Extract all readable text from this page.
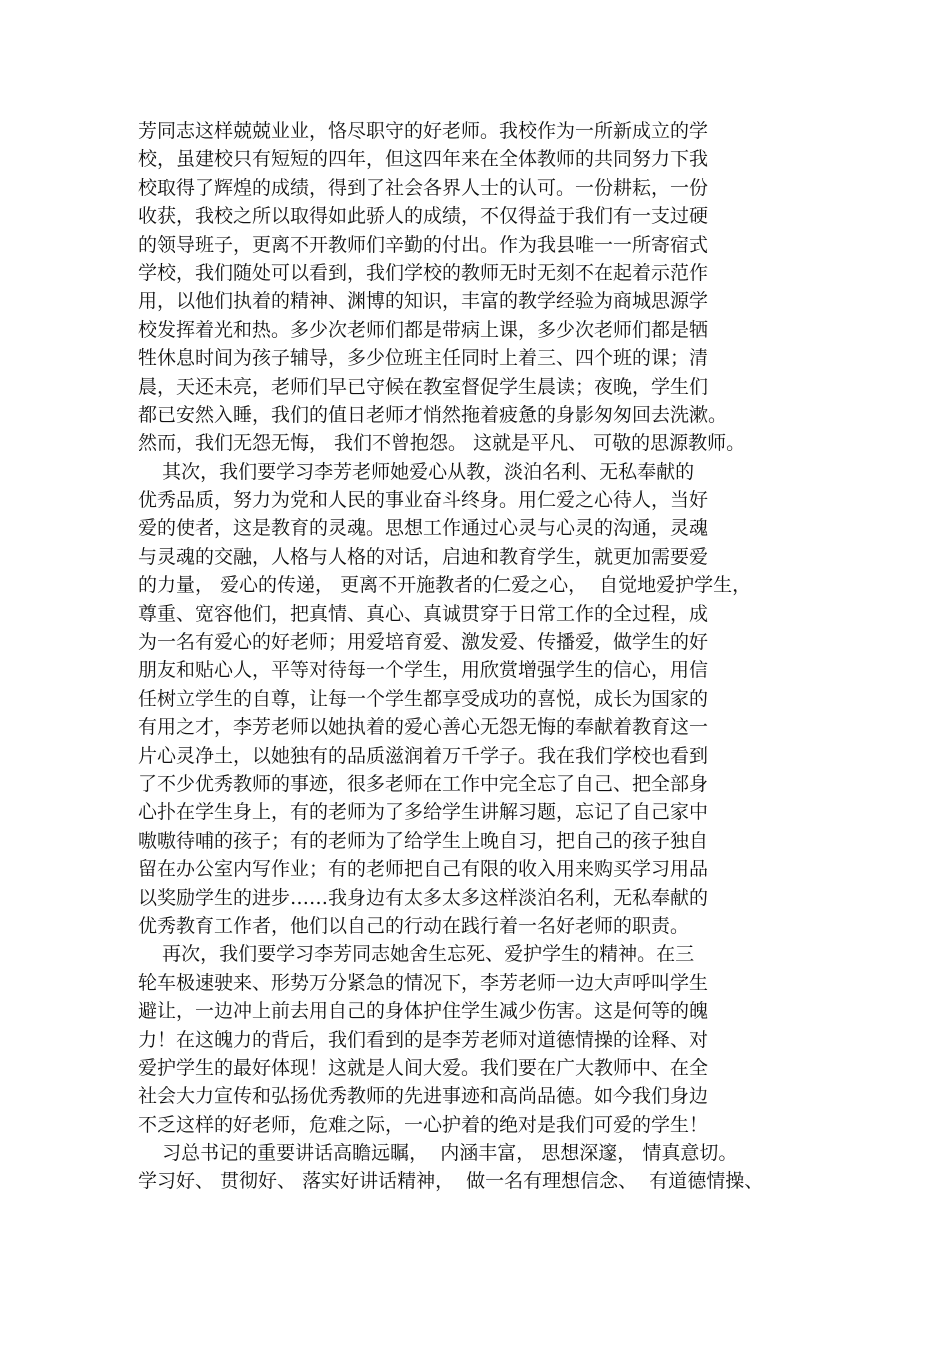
芳同志这样兢兢业业，恪尽职守的好老师。我校作为一所新成立的学
校，虽建校只有短短的四年，但这四年来在全体教师的共同努力下我
校取得了辉煌的成绩，得到了社会各界人士的认可。一份耕耘，一份
收获，我校之所以取得如此骄人的成绩，不仅得益于我们有一支过硬
的领导班子，更离不开教师们辛勤的付出。作为我县唯一一所寄宿式
学校，我们随处可以看到，我们学校的教师无时无刻不在起着示范作
用，以他们执着的精神、渊博的知识，丰富的教学经验为商城思源学
校发挥着光和热。多少次老师们都是带病上课，多少次老师们都是牺
牲休息时间为孩子辅导，多少位班主任同时上着三、四个班的课；清
晨，天还未亮，老师们早已守候在教室督促学生晨读；夜晚，学生们
都已安然入睡，我们的值日老师才悄然拖着疲惫的身影匆匆回去洗漱。
然而，我们无怨无悔， 我们不曾抱怨。 这就是平凡、 可敬的思源教师。
其次，我们要学习李芳老师她爱心从教，淡泊名利、无私奉献的
优秀品质，努力为党和人民的事业奋斗终身。用仁爱之心待人，当好
爱的使者，这是教育的灵魂。思想工作通过心灵与心灵的沟通，灵魂
与灵魂的交融，人格与人格的对话，启迪和教育学生，就更加需要爱
的力量， 爱心的传递， 更离不开施教者的仁爱之心，  自觉地爱护学生，
尊重、宽容他们，把真情、真心、真诚贯穿于日常工作的全过程，成
为一名有爱心的好老师；用爱培育爱、激发爱、传播爱，做学生的好
朋友和贴心人，平等对待每一个学生，用欣赏增强学生的信心，用信
任树立学生的自尊，让每一个学生都享受成功的喜悦，成长为国家的
有用之才，李芳老师以她执着的爱心善心无怨无悔的奉献着教育这一
片心灵净土，以她独有的品质滋润着万千学子。我在我们学校也看到
了不少优秀教师的事迹，很多老师在工作中完全忘了自己、把全部身
心扑在学生身上，有的老师为了多给学生讲解习题，忘记了自己家中
嗷嗷待哺的孩子；有的老师为了给学生上晚自习，把自己的孩子独自
留在办公室内写作业；有的老师把自己有限的收入用来购买学习用品
以奖励学生的进步……我身边有太多太多这样淡泊名利，无私奉献的
优秀教育工作者，他们以自己的行动在践行着一名好老师的职责。
再次，我们要学习李芳同志她舍生忘死、爱护学生的精神。在三
轮车极速驶来、形势万分紧急的情况下，李芳老师一边大声呼叫学生
避让，一边冲上前去用自己的身体护住学生减少伤害。这是何等的魄
力！在这魄力的背后，我们看到的是李芳老师对道德情操的诠释、对
爱护学生的最好体现！这就是人间大爱。我们要在广大教师中、在全
社会大力宣传和弘扬优秀教师的先进事迹和高尚品德。如今我们身边
不乏这样的好老师，危难之际，一心护着的绝对是我们可爱的学生！
习总书记的重要讲话高瞻远瞩，  内涵丰富， 思想深邃， 情真意切。
学习好、 贯彻好、 落实好讲话精神，  做一名有理想信念、  有道德情操、
